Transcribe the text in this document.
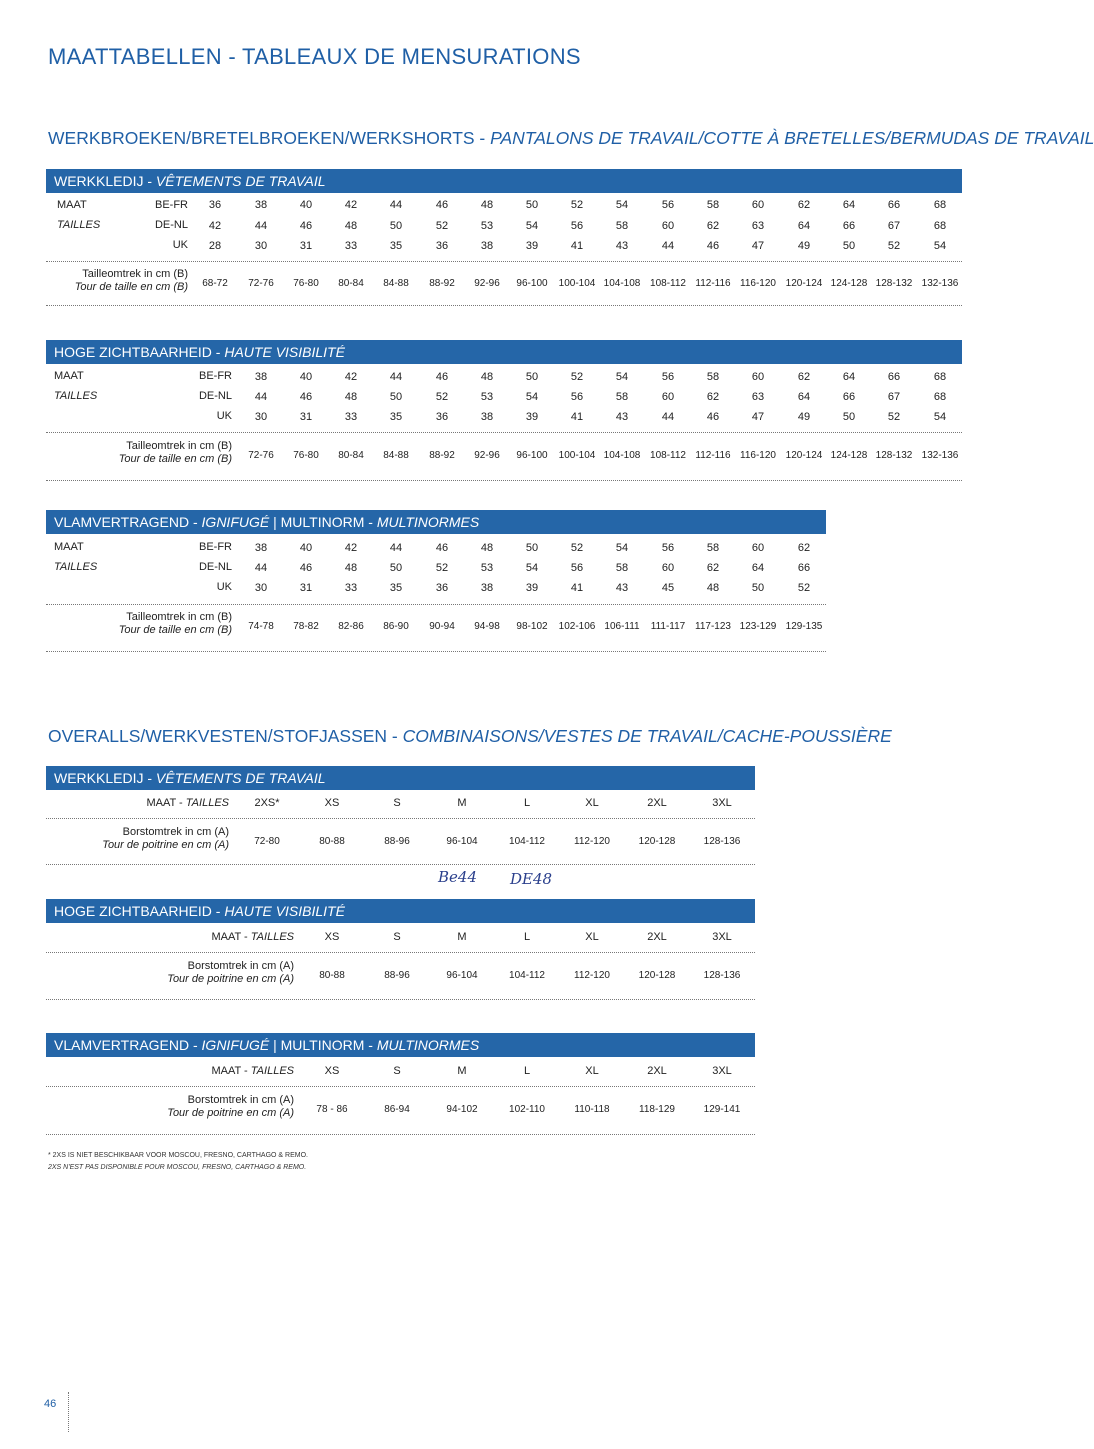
MAATTABELLEN - TABLEAUX DE MENSURATIONS
WERKBROEKEN/BRETELBROEKEN/WERKSHORTS - PANTALONS DE TRAVAIL/COTTE À BRETELLES/BERMUDAS DE TRAVAIL
WERKKLEDIJ - VÊTEMENTS DE TRAVAIL
MAAT
TAILLES
BE-FR 36	38	40	42	44	46	48	50	52	54	56	58	60	62	64	66	68
DE-NL 42	44	46	48	50	52	53	54	56	58	60	62	63	64	66	67	68
UK 28	30	31	33	35	36	38	39	41	43	44	46	47	49	50	52	54
Tailleomtrek in cm (B)
Tour de taille en cm (B) 68-72 72-76 76-80 80-84 84-88 88-92 92-96 96-100 100-104 104-108 108-112 112-116 116-120 120-124 124-128 128-132 132-136
HOGE ZICHTBAARHEID - HAUTE VISIBILITÉ
MAAT
TAILLES
BE-FR 38	40	42	44	46	48	50	52	54	56	58	60	62	64	66	68
DE-NL 44	46	48	50	52	53	54	56	58	60	62	63	64	66	67	68
UK 30	31	33	35	36	38	39	41	43	44	46	47	49	50	52	54
Tailleomtrek in cm (B)
Tour de taille en cm (B) 72-76 76-80 80-84 84-88 88-92 92-96 96-100 100-104 104-108 108-112 112-116 116-120 120-124 124-128 128-132 132-136
VLAMVERTRAGEND - IGNIFUGÉ | MULTINORM - MULTINORMES
MAAT
TAILLES
BE-FR 38	40	42	44	46	48	50	52	54	56	58	60	62
DE-NL 44	46	48	50	52	53	54	56	58	60	62	64	66
UK 30	31	33	35	36	38	39	41	43	45	48	50	52
Tailleomtrek in cm (B)
Tour de taille en cm (B) 74-78 78-82 82-86 86-90 90-94 94-98 98-102 102-106 106-111 111-117 117-123 123-129 129-135
OVERALLS/WERKVESTEN/STOFJASSEN - COMBINAISONS/VESTES DE TRAVAIL/CACHE-POUSSIÈRE
WERKKLEDIJ - VÊTEMENTS DE TRAVAIL
MAAT - TAILLES 2XS*	XS	S	M	L	XL	2XL	3XL
Borstomtrek in cm (A)
Tour de poitrine en cm (A)	72-80	80-88	88-96	96-104	104-112	112-120	120-128	128-136
HOGE ZICHTBAARHEID - HAUTE VISIBILITÉ
MAAT - TAILLES	XS	S	M	L	XL	2XL	3XL
Borstomtrek in cm (A)
Tour de poitrine en cm (A)	80-88	88-96	96-104	104-112	112-120	120-128	128-136
VLAMVERTRAGEND - IGNIFUGÉ | MULTINORM - MULTINORMES
MAAT - TAILLES	XS	S	M	L	XL	2XL	3XL
Borstomtrek in cm (A)
Tour de poitrine en cm (A) 78 - 86	86-94	94-102	102-110	110-118	118-129	129-141
Be44 DE48
* 2XS IS NIET BESCHIKBAAR VOOR MOSCOU, FRESNO, CARTHAGO & REMO.
2XS N'EST PAS DISPONIBLE POUR MOSCOU, FRESNO, CARTHAGO & REMO.
46
